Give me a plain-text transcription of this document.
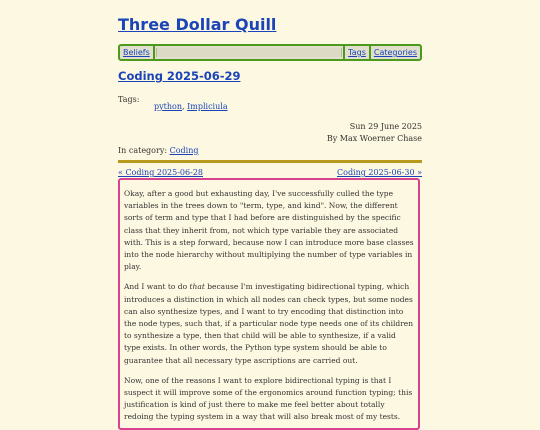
Three Dollar Quill
Beliefs	Tags	Categories
Coding 2025-06-29
Tags:
python, Impliciula
Sun 29 June 2025
By Max Woerner Chase
In category: Coding
« Coding 2025-06-28	Coding 2025-06-30 »

Okay, after a good but exhausting day, I've successfully culled the type variables in the trees down to "term, type, and kind". Now, the different sorts of term and type that I had before are distinguished by the specific class that they inherit from, not which type variable they are associated with. This is a step forward, because now I can introduce more base classes into the node hierarchy without multiplying the number of type variables in play.

And I want to do that because I'm investigating bidirectional typing, which introduces a distinction in which all nodes can check types, but some nodes can also synthesize types, and I want to try encoding that distinction into the node types, such that, if a particular node type needs one of its children to synthesize a type, then that child will be able to synthesize, if a valid type exists. In other words, the Python type system should be able to guarantee that all necessary type ascriptions are carried out.

Now, one of the reasons I want to explore bidirectional typing is that I suspect it will improve some of the ergonomics around function typing; this justification is kind of just there to make me feel better about totally redoing the typing system in a way that will also break most of my tests.
